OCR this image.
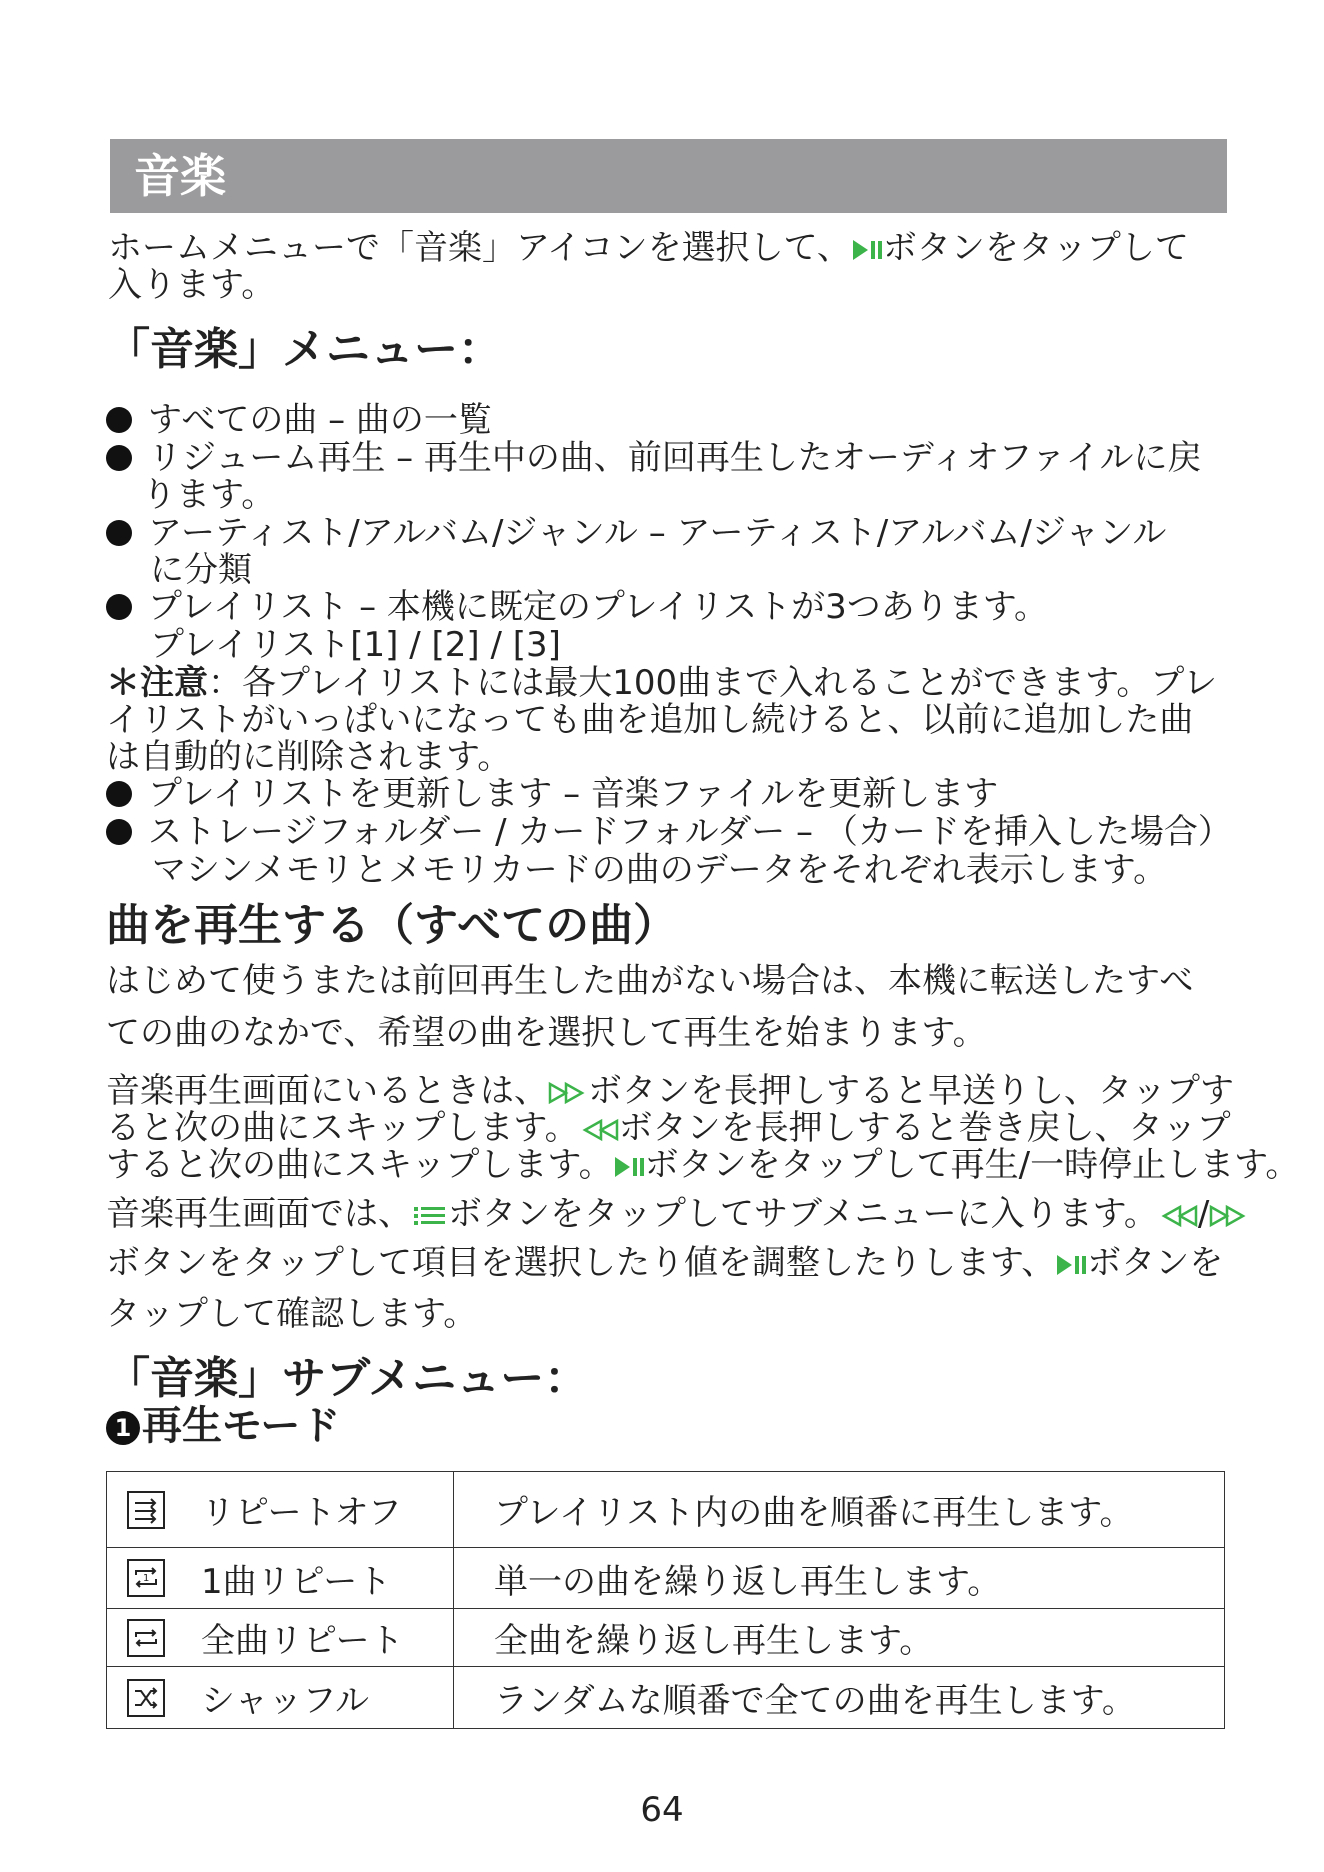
音楽

ホームメニューで「音楽」アイコンを選択して、 ボタンをタップして

入ります。

「音楽」メニュー：
すべての曲 – 曲の一覧
リジューム再生 – 再生中の曲、前回再生したオーディオファイルに戻
ります。
アーティスト/アルバム/ジャンル – アーティスト/アルバム/ジャンル
に分類
プレイリスト – 本機に既定のプレイリストが3つあります。
プレイリスト[1] / [2] / [3]

＊注意：各プレイリストには最大100曲まで入れることができます。プレ

イリストがいっぱいになっても曲を追加し続けると、以前に追加した曲

は自動的に削除されます。

プレイリストを更新します – 音楽ファイルを更新します
ストレージフォルダー / カードフォルダー – （カードを挿入した場合）
マシンメモリとメモリカードの曲のデータをそれぞれ表示します。
曲を再生する（すべての曲）

はじめて使うまたは前回再生した曲がない場合は、本機に転送したすべ

ての曲のなかで、希望の曲を選択して再生を始まります。

音楽再生画面にいるときは、 ボタンを長押しすると早送りし、タップす

ると次の曲にスキップします。 ボタンを長押しすると巻き戻し、タップ

すると次の曲にスキップします。 ボタンをタップして再生/一時停止します。

音楽再生画面では、 ボタンをタップしてサブメニューに入ります。 /

ボタンをタップして項目を選択したり値を調整したりします、 ボタンを

タップして確認します。

「音楽」サブメニュー：
1 再生モード
リピートオフ	プレイリスト内の曲を順番に再生します。

1 1曲リピート	単一の曲を繰り返し再生します。

全曲リピート	全曲を繰り返し再生します。

シャッフル	ランダムな順番で全ての曲を再生します。
64
